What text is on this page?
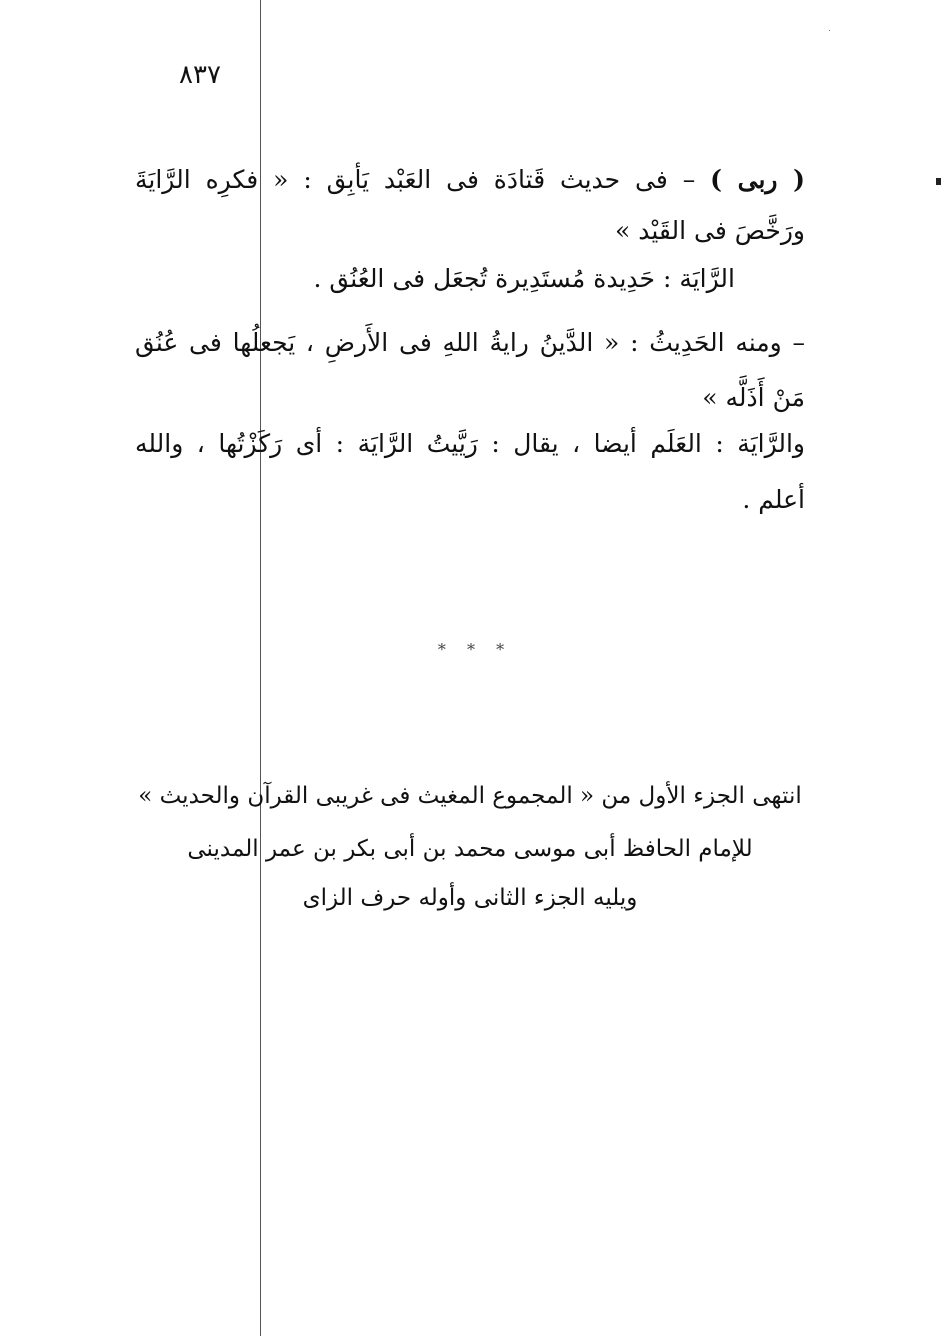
٨٣٧
( ربى ) – فى حديث قَتادَة فى العَبْد يَأبِق : « فكرِه الرَّايَةَ
ورَخَّصَ فى القَيْد »
الرَّايَة : حَدِيدة مُستَدِيرة تُجعَل فى العُنُق .
– ومنه الحَدِيثُ : « الدَّينُ رايةُ اللهِ فى الأَرضِ ، يَجعلُها فى عُنُق
مَنْ أَذَلَّه »
والرَّايَة : العَلَم أيضا ، يقال : رَيَّيتُ الرَّايَة : أى رَكَزْتُها ، والله
أعلم .
* * *
انتهى الجزء الأول من « المجموع المغيث فى غريبى القرآن والحديث »
للإمام الحافظ أبى موسى محمد بن أبى بكر بن عمر المدينى
ويليه الجزء الثانى وأوله حرف الزاى
